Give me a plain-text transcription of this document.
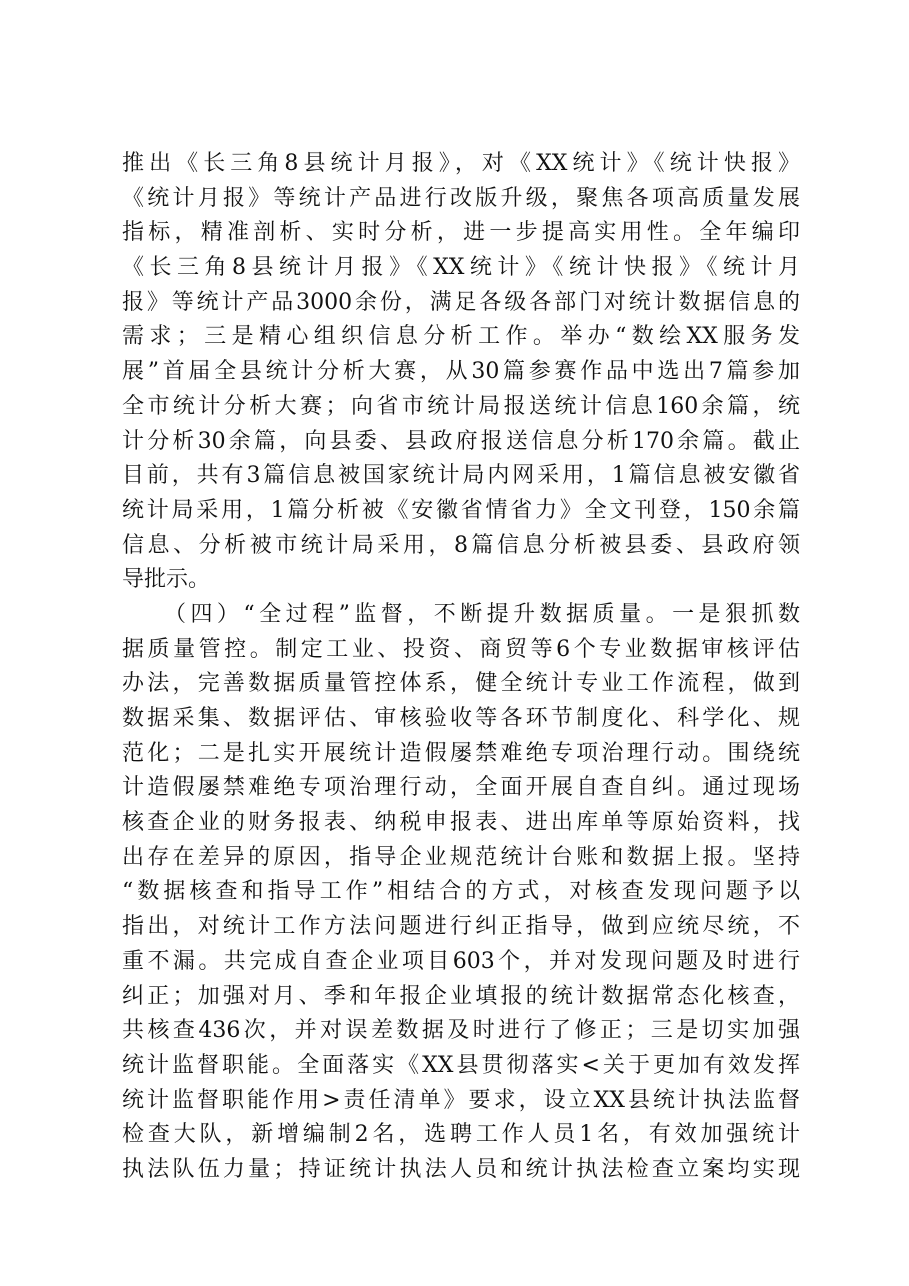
推出《长三角8县统计月报》，对《XX统计》《统计快报》
《统计月报》等统计产品进行改版升级，聚焦各项高质量发展
指标，精准剖析、实时分析，进一步提高实用性。全年编印
《长三角8县统计月报》《XX统计》《统计快报》《统计月
报》等统计产品3000余份，满足各级各部门对统计数据信息的
需求；三是精心组织信息分析工作。举办“数绘XX服务发
展”首届全县统计分析大赛，从30篇参赛作品中选出7篇参加
全市统计分析大赛；向省市统计局报送统计信息160余篇，统
计分析30余篇，向县委、县政府报送信息分析170余篇。截止
目前，共有3篇信息被国家统计局内网采用，1篇信息被安徽省
统计局采用，1篇分析被《安徽省情省力》全文刊登，150余篇
信息、分析被市统计局采用，8篇信息分析被县委、县政府领
导批示。
　　（四）“全过程”监督，不断提升数据质量。一是狠抓数
据质量管控。制定工业、投资、商贸等6个专业数据审核评估
办法，完善数据质量管控体系，健全统计专业工作流程，做到
数据采集、数据评估、审核验收等各环节制度化、科学化、规
范化；二是扎实开展统计造假屡禁难绝专项治理行动。围绕统
计造假屡禁难绝专项治理行动，全面开展自查自纠。通过现场
核查企业的财务报表、纳税申报表、进出库单等原始资料，找
出存在差异的原因，指导企业规范统计台账和数据上报。坚持
“数据核查和指导工作”相结合的方式，对核查发现问题予以
指出，对统计工作方法问题进行纠正指导，做到应统尽统，不
重不漏。共完成自查企业项目603个，并对发现问题及时进行
纠正；加强对月、季和年报企业填报的统计数据常态化核查，
共核查436次，并对误差数据及时进行了修正；三是切实加强
统计监督职能。全面落实《XX县贯彻落实<关于更加有效发挥
统计监督职能作用>责任清单》要求，设立XX县统计执法监督
检查大队，新增编制2名，选聘工作人员1名，有效加强统计
执法队伍力量；持证统计执法人员和统计执法检查立案均实现
